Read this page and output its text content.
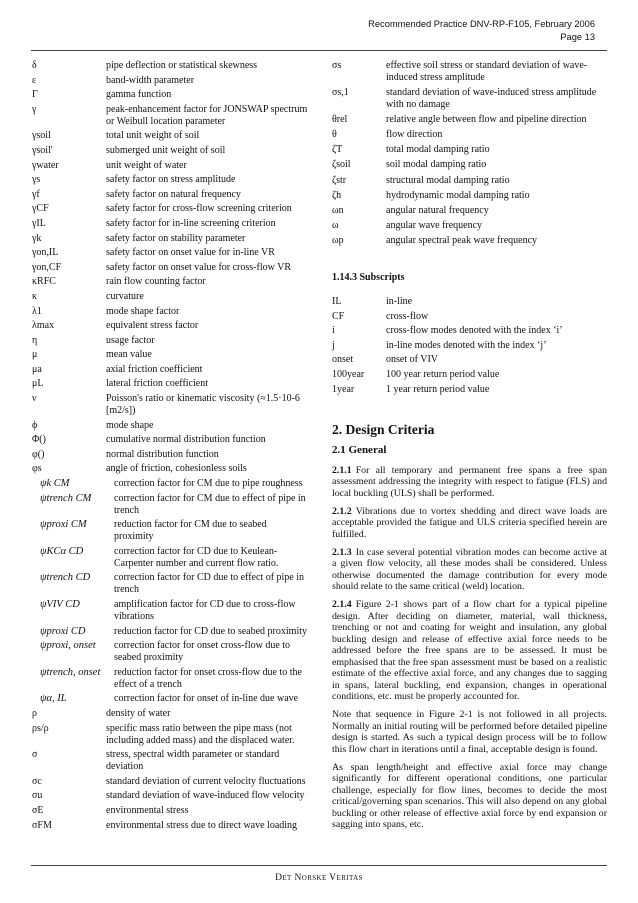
Recommended Practice DNV-RP-F105, February 2006
Page 13
δ	pipe deflection or statistical skewness
ε	band-width parameter
Γ	gamma function
γ	peak-enhancement factor for JONSWAP spectrum or Weibull location parameter
γsoil	total unit weight of soil
γsoil'	submerged unit weight of soil
γwater	unit weight of water
γs	safety factor on stress amplitude
γf	safety factor on natural frequency
γCF	safety factor for cross-flow screening criterion
γIL	safety factor for in-line screening criterion
γk	safety factor on stability parameter
γon,IL	safety factor on onset value for in-line VR
γon,CF	safety factor on onset value for cross-flow VR
κRFC	rain flow counting factor
κ	curvature
λ1	mode shape factor
λmax	equivalent stress factor
η	usage factor
μ	mean value
μa	axial friction coefficient
μL	lateral friction coefficient
ν	Poisson's ratio or kinematic viscosity (≈1.5·10-6 [m2/s])
ϕ	mode shape
Φ()	cumulative normal distribution function
φ()	normal distribution function
φs	angle of friction, cohesionless soils
ψk CM	correction factor for CM due to pipe roughness
ψtrench CM	correction factor for CM due to effect of pipe in trench
ψproxi CM	reduction factor for CM due to seabed proximity
ψKCα CD	correction factor for CD due to Keulean-Carpenter number and current flow ratio.
ψtrench CD	correction factor for CD due to effect of pipe in trench
ψVIV CD	amplification factor for CD due to cross-flow vibrations
ψproxi CD	reduction factor for CD due to seabed proximity
ψproxi, onset	correction factor for onset cross-flow due to seabed proximity
ψtrench, onset	reduction factor for onset cross-flow due to the effect of a trench
ψα, IL	correction factor for onset of in-line due wave
ρ	density of water
ρs/ρ	specific mass ratio between the pipe mass (not including added mass) and the displaced water.
σ	stress, spectral width parameter or standard deviation
σc	standard deviation of current velocity fluctuations
σu	standard deviation of wave-induced flow velocity
σE	environmental stress
σFM	environmental stress due to direct wave loading
σs	effective soil stress or standard deviation of wave-induced stress amplitude
σs,1	standard deviation of wave-induced stress amplitude with no damage
θrel	relative angle between flow and pipeline direction
θ	flow direction
ζT	total modal damping ratio
ζsoil	soil modal damping ratio
ζstr	structural modal damping ratio
ζh	hydrodynamic modal damping ratio
ωn	angular natural frequency
ω	angular wave frequency
ωp	angular spectral peak wave frequency
1.14.3 Subscripts
IL	in-line
CF	cross-flow
i	cross-flow modes denoted with the index ‘i’
j	in-line modes denoted with the index ‘j’
onset	onset of VIV
100year	100 year return period value
1year	1 year return period value
2. Design Criteria
2.1 General

2.1.1 For all temporary and permanent free spans a free span assessment addressing the integrity with respect to fatigue (FLS) and local buckling (ULS) shall be performed.

2.1.2 Vibrations due to vortex shedding and direct wave loads are acceptable provided the fatigue and ULS criteria specified herein are fulfilled.

2.1.3 In case several potential vibration modes can become active at a given flow velocity, all these modes shall be considered. Unless otherwise documented the damage contribution for every mode should relate to the same critical (weld) location.

2.1.4 Figure 2-1 shows part of a flow chart for a typical pipeline design. After deciding on diameter, material, wall thickness, trenching or not and coating for weight and insulation, any global buckling design and release of effective axial force needs to be addressed before the free spans are to be assessed. It must be emphasised that the free span assessment must be based on a realistic estimate of the effective axial force, and any changes due to sagging in spans, lateral buckling, end expansion, changes in operational conditions, etc. must be properly accounted for.

Note that sequence in Figure 2-1 is not followed in all projects. Normally an initial routing will be performed before detailed pipeline design is started. As such a typical design process will be to follow this flow chart in iterations until a final, acceptable design is found.

As span length/height and effective axial force may change significantly for different operational conditions, one particular challenge, especially for flow lines, becomes to decide the most critical/governing span scenarios. This will also depend on any global buckling or other release of effective axial force by end expansion or sagging into spans, etc.

Det Norske Veritas
